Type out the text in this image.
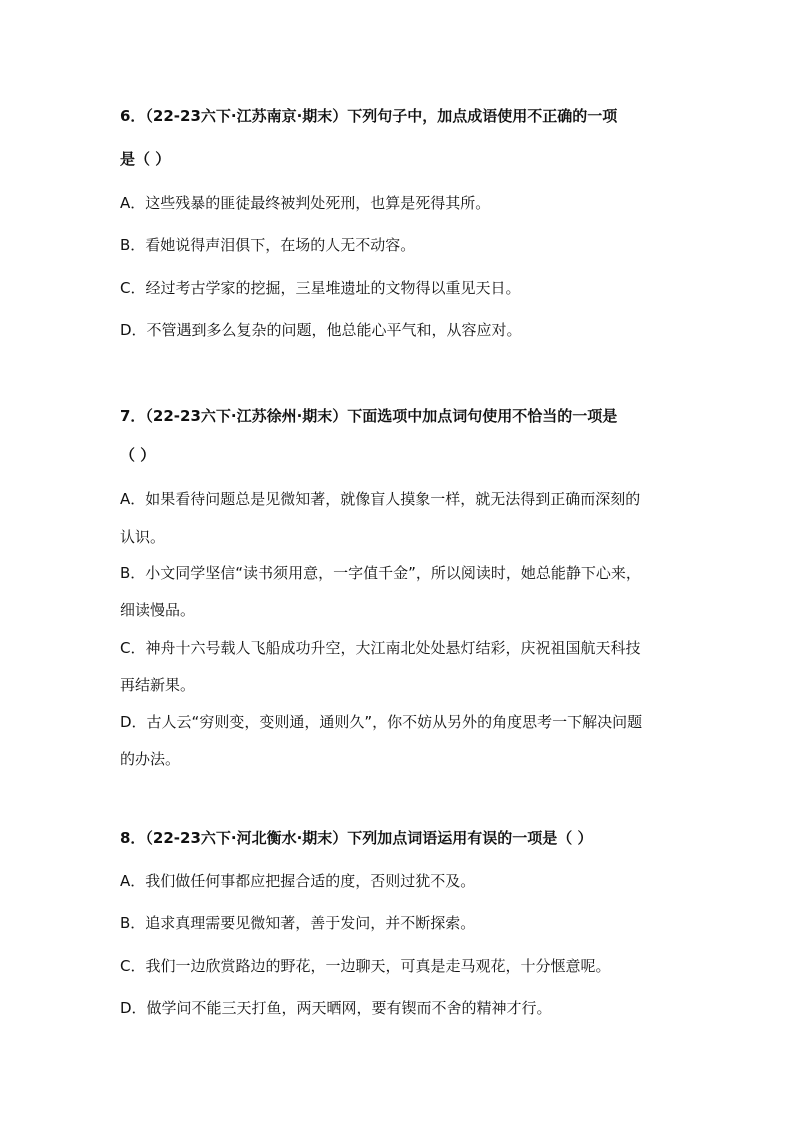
6．（22-23六下·江苏南京·期末）下列句子中，加点成语使用不正确的一项
是（ ）
A．这些残暴的匪徒最终被判处死刑，也算是死得其所。
B．看她说得声泪俱下，在场的人无不动容。
C．经过考古学家的挖掘，三星堆遗址的文物得以重见天日。
D．不管遇到多么复杂的问题，他总能心平气和，从容应对。
7．（22-23六下·江苏徐州·期末）下面选项中加点词句使用不恰当的一项是
（ ）
A．如果看待问题总是见微知著，就像盲人摸象一样，就无法得到正确而深刻的
认识。
B．小文同学坚信“读书须用意，一字值千金”，所以阅读时，她总能静下心来，
细读慢品。
C．神舟十六号载人飞船成功升空，大江南北处处悬灯结彩，庆祝祖国航天科技
再结新果。
D．古人云“穷则变，变则通，通则久”，你不妨从另外的角度思考一下解决问题
的办法。
8．（22-23六下·河北衡水·期末）下列加点词语运用有误的一项是（ ）
A．我们做任何事都应把握合适的度，否则过犹不及。
B．追求真理需要见微知著，善于发问，并不断探索。
C．我们一边欣赏路边的野花，一边聊天，可真是走马观花，十分惬意呢。
D．做学问不能三天打鱼，两天晒网，要有锲而不舍的精神才行。
